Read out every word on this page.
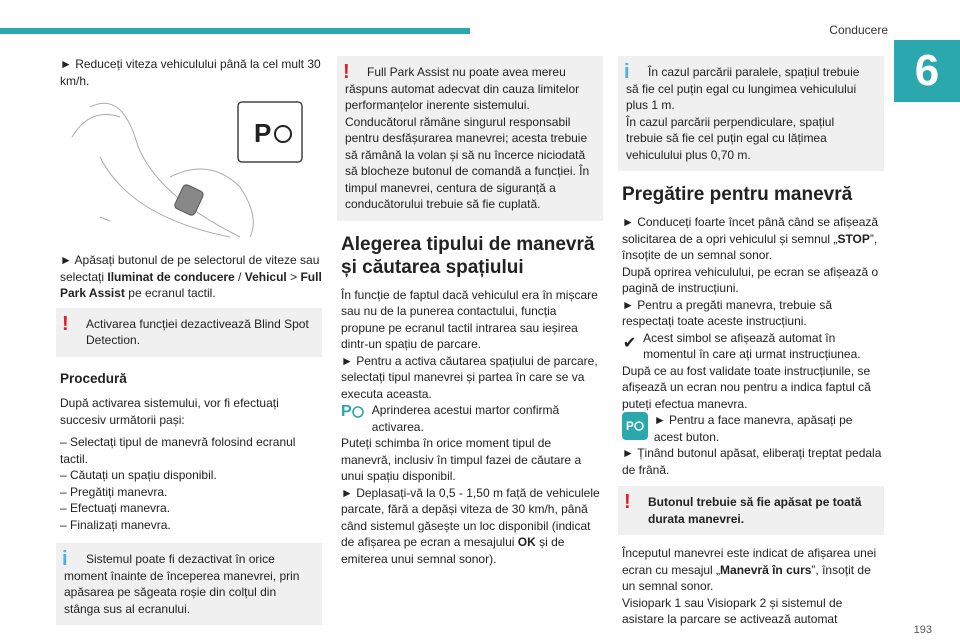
Conducere
6
193

► Reduceți viteza vehiculului până la cel mult 30 km/h.

P

► Apăsați butonul de pe selectorul de viteze sau selectați Iluminat de conducere / Vehicul > Full Park Assist pe ecranul tactil.

!	Activarea funcției dezactivează Blind Spot Detection.
Procedură

După activarea sistemului, vor fi efectuați succesiv următorii pași:

– Selectați tipul de manevră folosind ecranul tactil.
– Căutați un spațiu disponibil.
– Pregătiți manevra.
– Efectuați manevra.
– Finalizați manevra.
i	Sistemul poate fi dezactivat în orice moment înainte de începerea manevrei, prin apăsarea pe săgeata roșie din colțul din stânga sus al ecranului.
!	Full Park Assist nu poate avea mereu răspuns automat adecvat din cauza limitelor performanțelor inerente sistemului. Conducătorul rămâne singurul responsabil pentru desfășurarea manevrei; acesta trebuie să rămână la volan și să nu încerce niciodată să blocheze butonul de comandă a funcției. În timpul manevrei, centura de siguranță a conducătorului trebuie să fie cuplată.
Alegerea tipului de manevră și căutarea spațiului

În funcție de faptul dacă vehiculul era în mișcare sau nu de la punerea contactului, funcția propune pe ecranul tactil intrarea sau ieșirea dintr-un spațiu de parcare.

► Pentru a activa căutarea spațiului de parcare, selectați tipul manevrei și partea în care se va executa aceasta.

P Aprinderea acestui martor confirmă activarea.

Puteți schimba în orice moment tipul de manevră, inclusiv în timpul fazei de căutare a unui spațiu disponibil.

► Deplasați-vă la 0,5 - 1,50 m față de vehiculele parcate, fără a depăși viteza de 30 km/h, până când sistemul găsește un loc disponibil (indicat de afișarea pe ecran a mesajului OK și de emiterea unui semnal sonor).

i	În cazul parcării paralele, spațiul trebuie să fie cel puțin egal cu lungimea vehiculului plus 1 m.
În cazul parcării perpendiculare, spațiul trebuie să fie cel puțin egal cu lățimea vehiculului plus 0,70 m.
Pregătire pentru manevră

► Conduceți foarte încet până când se afișează solicitarea de a opri vehiculul și semnul „STOP”, însoțite de un semnal sonor.

După oprirea vehiculului, pe ecran se afișează o pagină de instrucțiuni.

► Pentru a pregăti manevra, trebuie să respectați toate aceste instrucțiuni.

✔ Acest simbol se afișează automat în momentul în care ați urmat instrucțiunea.

După ce au fost validate toate instrucțiunile, se afișează un ecran nou pentru a indica faptul că puteți efectua manevra.

P ► Pentru a face manevra, apăsați pe acest buton.

► Ținând butonul apăsat, eliberați treptat pedala de frână.

!	Butonul trebuie să fie apăsat pe toată durata manevrei.

Începutul manevrei este indicat de afișarea unei ecran cu mesajul „Manevră în curs”, însoțit de un semnal sonor.

Visiopark 1 sau Visiopark 2 și sistemul de asistare la parcare se activează automat
